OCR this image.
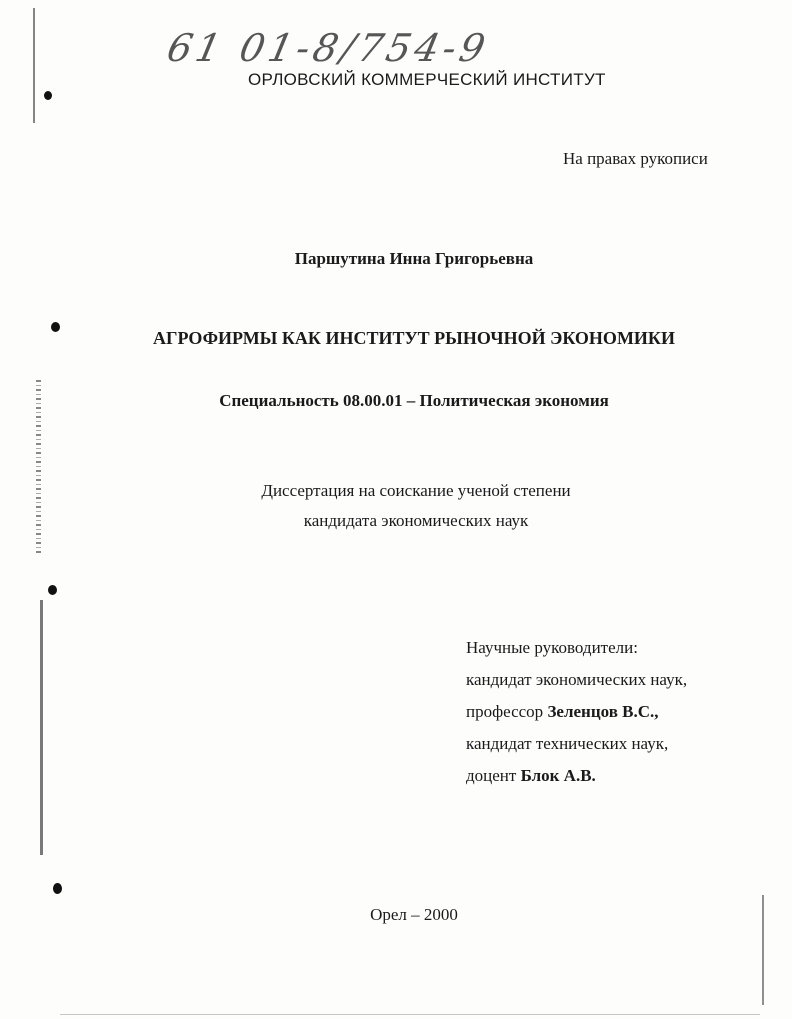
61 01-8/754-9

ОРЛОВСКИЙ КОММЕРЧЕСКИЙ ИНСТИТУТ

На правах рукописи

Паршутина Инна Григорьевна

АГРОФИРМЫ КАК ИНСТИТУТ РЫНОЧНОЙ ЭКОНОМИКИ

Специальность 08.00.01 – Политическая экономия

Диссертация на соискание ученой степени

кандидата экономических наук

Научные руководители:
кандидат экономических наук,
профессор Зеленцов В.С.,
кандидат технических наук,
доцент Блок А.В.

Орел – 2000
